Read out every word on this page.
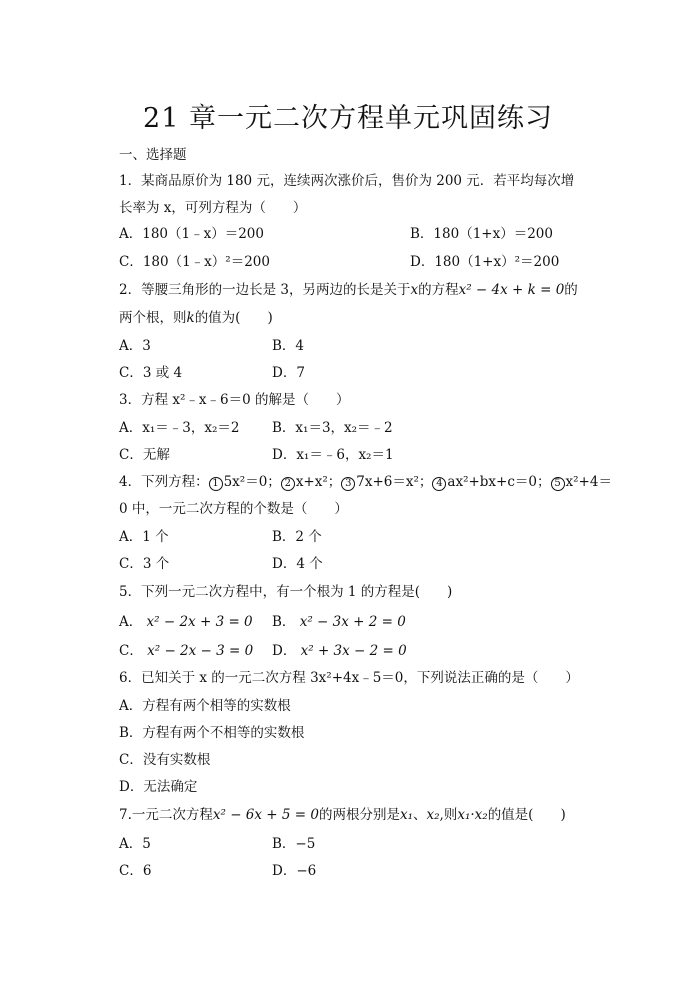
21 章一元二次方程单元巩固练习
一、选择题
1．某商品原价为 180 元，连续两次涨价后，售价为 200 元．若平均每次增
长率为 x，可列方程为（　　）
A．180（1﹣x）＝200	B．180（1+x）＝200
C．180（1﹣x）²＝200	D．180（1+x）²＝200
2．等腰三角形的一边长是 3，另两边的长是关于x的方程x² − 4x + k = 0的
两个根，则k的值为(　　)
A．3	B．4
C．3 或 4	D．7
3．方程 x²﹣x﹣6＝0 的解是（　　）
A．x₁＝﹣3，x₂＝2 B．x₁＝3，x₂＝﹣2
C．无解	D．x₁＝﹣6，x₂＝1
4．下列方程： 1 5x²＝0； 2 x+x²； 3 7x+6＝x²； 4 ax²+bx+c＝0； 5 x²+4＝
0 中，一元二次方程的个数是（　　）
A．1 个	B．2 个
C．3 个	D．4 个
5．下列一元二次方程中，有一个根为 1 的方程是(　　)
A． x² − 2x + 3 = 0 B． x² − 3x + 2 = 0
C． x² − 2x − 3 = 0 D． x² + 3x − 2 = 0
6．已知关于 x 的一元二次方程 3x²+4x﹣5＝0，下列说法正确的是（　　）
A．方程有两个相等的实数根
B．方程有两个不相等的实数根
C．没有实数根
D．无法确定
7.一元二次方程x² − 6x + 5 = 0的两根分别是x₁、x₂,则x₁·x₂的值是(　　)
A．5	B．−5
C．6	D．−6
